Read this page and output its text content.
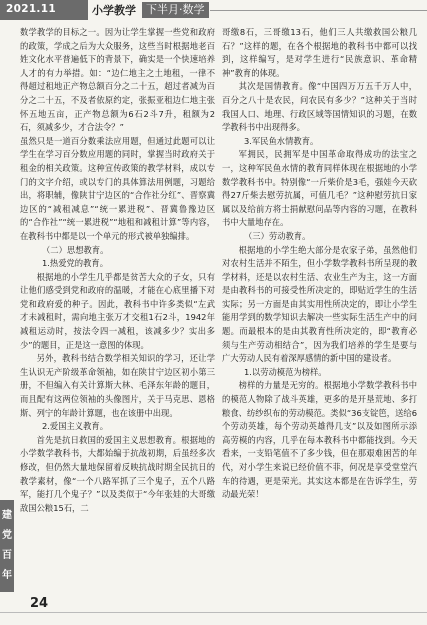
2021.11	小学教学 下半月·数学

数学教学的目标之一。因为让学生掌握一些党和政府的政策，学成之后为大众服务，这些当时根据地老百姓文化水平普遍低下的背景下，确实是一个快速培养人才的有力举措。如：“边仁地主之土地租，一律不得超过租地正产物总额百分之二十五，超过者减为百分之二十五，不及者依原约定，张振亚租边仁地主张怀五地五亩，正产物总额为6石2斗7升，租额为2石，须减多少，才合法令？”

虽然只是一道百分数乘法应用题，但通过此题可以让学生在学习百分数应用题的同时，掌握当时政府关于租金的相关政策。这种宣传政策的教学材料，成以专门的文字介绍，或以专门的具体算法用例题，习题给出，将职辅，像陕甘宁边区的“合作社分红”、晋察冀边区的“减租减息”“统一累进税”、晋冀鲁豫边区的“合作社”“统一累进税”“地租和减租计算”等内容，在教科书中都是以一个单元的形式被单独编排。

（二）思想教育。

1.热爱党的教育。

根据地的小学生几乎都是贫苦大众的子女，只有让他们感受到党和政府的温暖，才能在心底里播下对党和政府爱的种子。因此，教科书中许多类似“左武才未减租时，需向地主张万才交租1石2斗，1942年减租运动时，按法令四一减租，该减多少？实出多少”的题目，正是这一意图的体现。

另外，教科书结合数学相关知识的学习，还让学生认识无产阶级革命领袖，如在陕甘宁边区初小第三册，不但编入有关计算斯大林、毛泽东年龄的题目，而且配有这两位领袖的头像图片，关于马克思、恩格斯、列宁的年龄计算题，也在该册中出现。

2.爱国主义教育。

首先是抗日救国的爱国主义思想教育。根据地的小学数学教科书，大都始编于抗战初期，后虽经多次修改，但仍然大量地保留着反映抗战时期全民抗日的教学素材，像“一个八路军抓了三个鬼子，五个八路军，能打几个鬼子？”以及类似于“今年张娃的大哥缴敌国公粮15石，二

哥缴8石，三哥缴13石，他们三人共缴救国公粮几石？”这样的题，在各个根据地的教科书中都可以找到，这样编写，是对学生进行“民族意识、革命精神”教育的体现。

其次是国情教育。像“中国四万万五千万人中，百分之八十是农民，问农民有多少？”这种关于当时我国人口、地理、行政区域等国情知识的习题，在数学教科书中出现得多。

3.军民鱼水情教育。

军拥民，民拥军是中国革命取得成功的法宝之一，这种军民鱼水情的教育同样体现在根据地的小学数学教科书中。特别像“一斤柴价是3毛，强娃今天砍得27斤柴去慰劳抗属，可值几毛？”这种慰劳抗日家属以及给前方将士捐献慰问品等内容的习题，在教科书中大量地存在。

（三）劳动教育。

根据地的小学生绝大部分是农家子弟，虽然他们对农村生活并不陌生，但小学数学教科书所呈现的教学材料，还是以农村生活、农业生产为主，这一方面是由教科书的可接受性所决定的，即贴近学生的生活实际；另一方面是由其实用性所决定的，即让小学生能用学到的数学知识去解决一些实际生活生产中的问题。而最根本的是由其教育性所决定的，即“教育必须与生产劳动相结合”，因为我们培养的学生是要与广大劳动人民有着深厚感情的新中国的建设者。

1.以劳动模范为榜样。

榜样的力量是无穷的。根据地小学数学教科书中的模范人物除了战斗英雄，更多的是开垦荒地、多打粮食、纺纱织布的劳动模范。类似“36支锭笆，送给6个劳动英雄，每个劳动英雄得几支”以及如图所示添高劳模的内容，几乎在每本教科书中都能找到。今天看来，一支铅笔值不了多少钱，但在那艰难困苦的年代，对小学生来说已经价值不菲，何况是享受堂堂汽车的待遇，更是荣光。其实这本都是在告诉学生，劳动最光荣！

建
党
百
年
24
